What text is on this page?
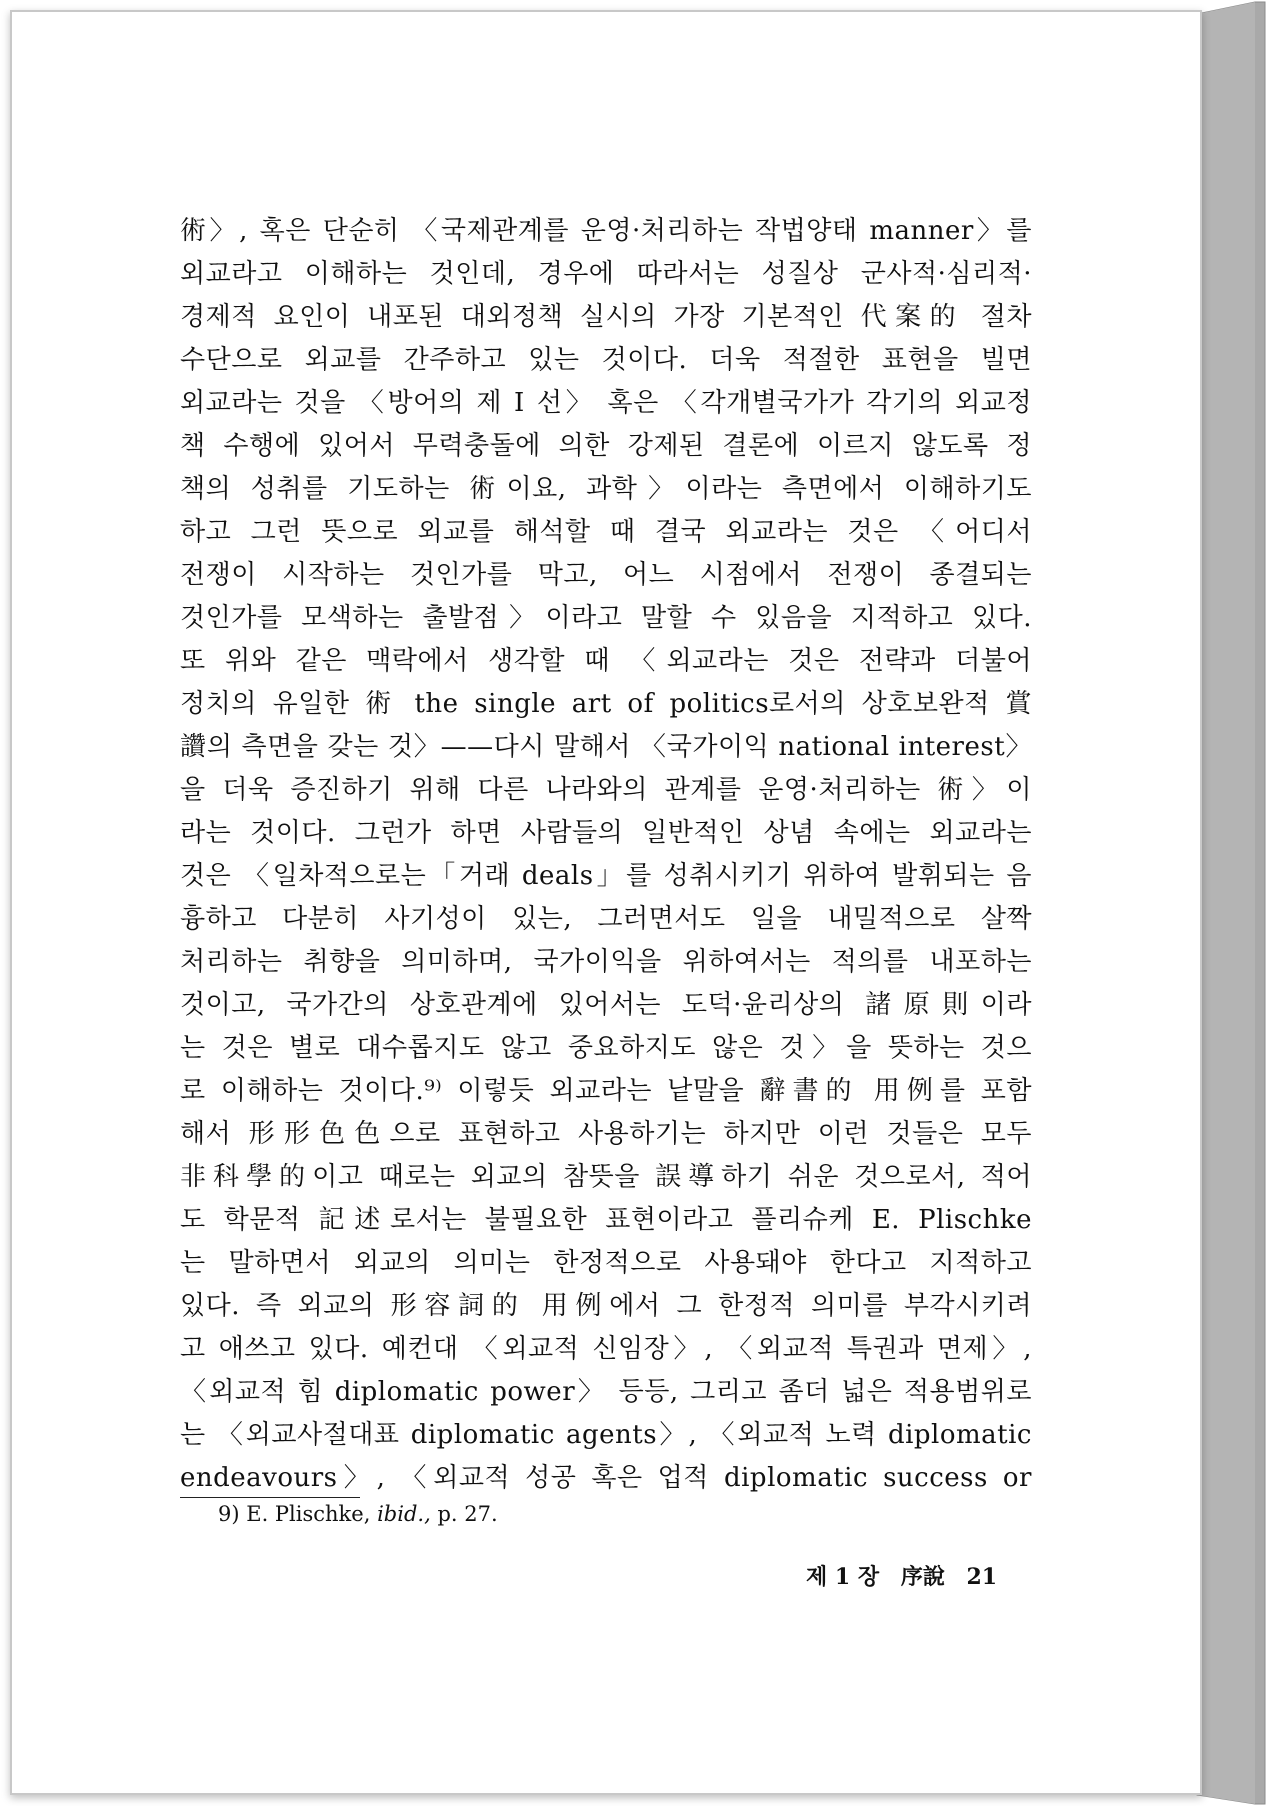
術〉, 혹은 단순히 〈국제관계를 운영·처리하는 작법양태 manner〉를
외교라고 이해하는 것인데, 경우에 따라서는 성질상 군사적·심리적·
경제적 요인이 내포된 대외정책 실시의 가장 기본적인 代案的 절차
수단으로 외교를 간주하고 있는 것이다. 더욱 적절한 표현을 빌면
외교라는 것을 〈방어의 제 I 선〉 혹은 〈각개별국가가 각기의 외교정
책 수행에 있어서 무력충돌에 의한 강제된 결론에 이르지 않도록 정
책의 성취를 기도하는 術이요, 과학〉이라는 측면에서 이해하기도
하고 그런 뜻으로 외교를 해석할 때 결국 외교라는 것은 〈어디서
전쟁이 시작하는 것인가를 막고, 어느 시점에서 전쟁이 종결되는
것인가를 모색하는 출발점〉이라고 말할 수 있음을 지적하고 있다.
또 위와 같은 맥락에서 생각할 때 〈외교라는 것은 전략과 더불어
정치의 유일한 術 the single art of politics로서의 상호보완적 賞
讚의 측면을 갖는 것〉——다시 말해서 〈국가이익 national interest〉
을 더욱 증진하기 위해 다른 나라와의 관계를 운영·처리하는 術〉이
라는 것이다. 그런가 하면 사람들의 일반적인 상념 속에는 외교라는
것은 〈일차적으로는「거래 deals」를 성취시키기 위하여 발휘되는 음
흉하고 다분히 사기성이 있는, 그러면서도 일을 내밀적으로 살짝
처리하는 취향을 의미하며, 국가이익을 위하여서는 적의를 내포하는
것이고, 국가간의 상호관계에 있어서는 도덕·윤리상의 諸原則이라
는 것은 별로 대수롭지도 않고 중요하지도 않은 것〉을 뜻하는 것으
로 이해하는 것이다.⁹⁾ 이렇듯 외교라는 낱말을 辭書的 用例를 포함
해서 形形色色으로 표현하고 사용하기는 하지만 이런 것들은 모두
非科學的이고 때로는 외교의 참뜻을 誤導하기 쉬운 것으로서, 적어
도 학문적 記述로서는 불필요한 표현이라고 플리슈케 E. Plischke
는 말하면서 외교의 의미는 한정적으로 사용돼야 한다고 지적하고
있다. 즉 외교의 形容詞的 用例에서 그 한정적 의미를 부각시키려
고 애쓰고 있다. 예컨대 〈외교적 신임장〉, 〈외교적 특권과 면제〉,
〈외교적 힘 diplomatic power〉 등등, 그리고 좀더 넓은 적용범위로
는 〈외교사절대표 diplomatic agents〉, 〈외교적 노력 diplomatic
endeavours〉, 〈외교적 성공 혹은 업적 diplomatic success or
9) E. Plischke, ibid., p. 27.
제 1 장 序說 21
